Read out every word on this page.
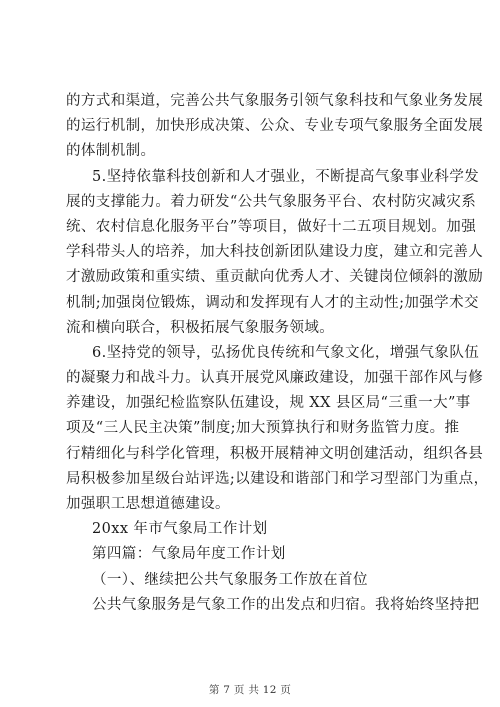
的方式和渠道，完善公共气象服务引领气象科技和气象业务发展
的运行机制，加快形成决策、公众、专业专项气象服务全面发展
的体制机制。
5.坚持依靠科技创新和人才强业，不断提高气象事业科学发
展的支撑能力。着力研发“公共气象服务平台、农村防灾减灾系
统、农村信息化服务平台”等项目，做好十二五项目规划。加强
学科带头人的培养，加大科技创新团队建设力度，建立和完善人
才激励政策和重实绩、重贡献向优秀人才、关键岗位倾斜的激励
机制;加强岗位锻炼，调动和发挥现有人才的主动性;加强学术交
流和横向联合，积极拓展气象服务领域。
6.坚持党的领导，弘扬优良传统和气象文化，增强气象队伍
的凝聚力和战斗力。认真开展党风廉政建设，加强干部作风与修
养建设，加强纪检监察队伍建设，规 XX 县区局“三重一大”事
项及“三人民主决策”制度;加大预算执行和财务监管力度。推
行精细化与科学化管理，积极开展精神文明创建活动，组织各县
局积极参加星级台站评选;以建设和谐部门和学习型部门为重点，
加强职工思想道德建设。
20xx 年市气象局工作计划
第四篇：气象局年度工作计划
（一）、继续把公共气象服务工作放在首位
公共气象服务是气象工作的出发点和归宿。我将始终坚持把
第 7 页 共 12 页
